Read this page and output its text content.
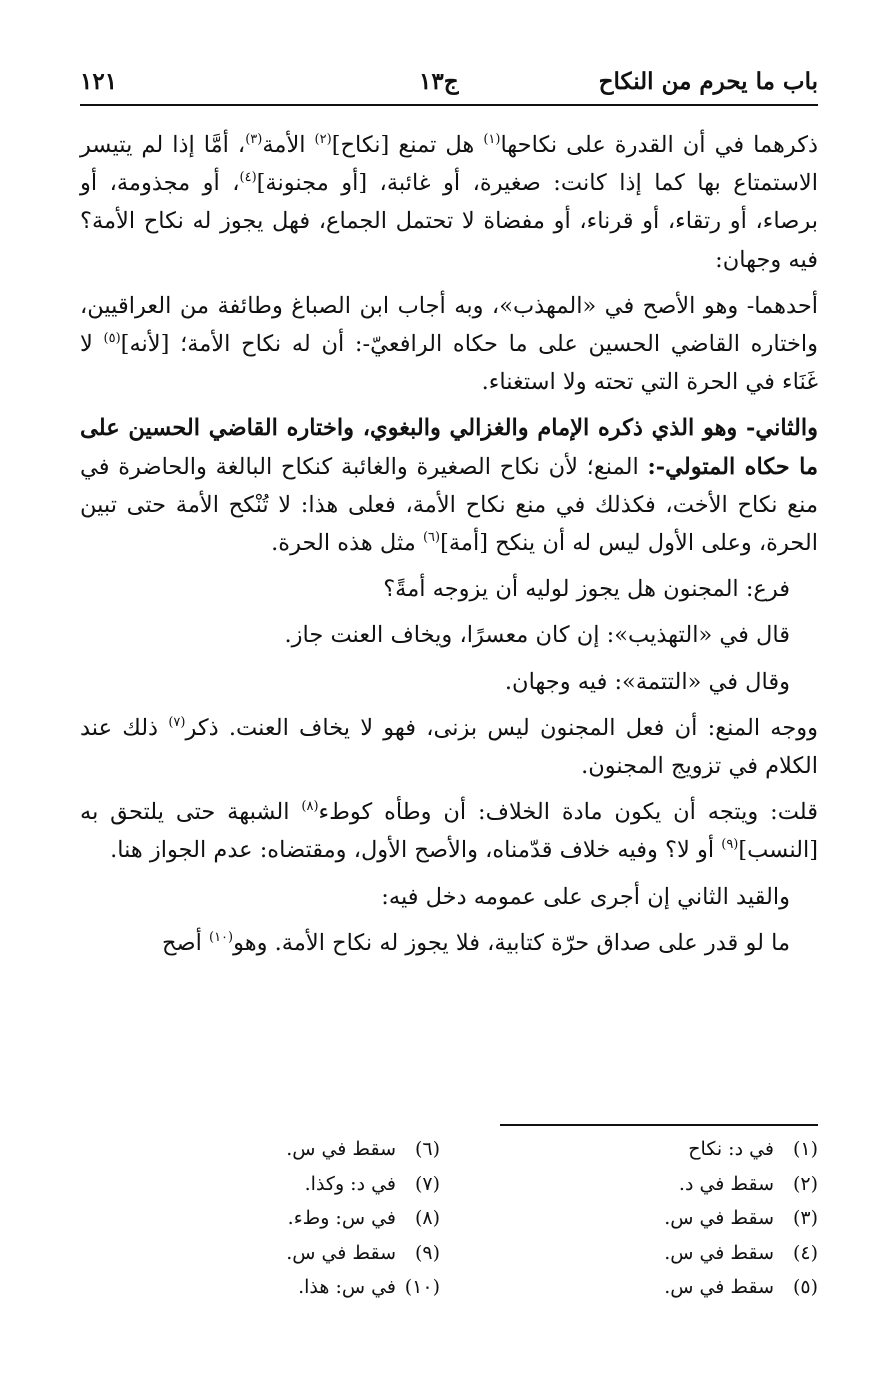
باب ما يحرم من النكاح
ج١٣
١٢١

ذكرهما في أن القدرة على نكاحها$^{(١)}$ هل تمنع [نكاح]$^{(٢)}$ الأمة$^{(٣)}$، أمَّا إذا لم يتيسر الاستمتاع بها كما إذا كانت: صغيرة، أو غائبة، [أو مجنونة]$^{(٤)}$، أو مجذومة، أو برصاء، أو رتقاء، أو قرناء، أو مفضاة لا تحتمل الجماع، فهل يجوز له نكاح الأمة؟ فيه وجهان:

أحدهما- وهو الأصح في «المهذب»، وبه أجاب ابن الصباغ وطائفة من العراقيين، واختاره القاضي الحسين على ما حكاه الرافعيّ-: أن له نكاح الأمة؛ [لأنه]$^{(٥)}$ لا غَنَاء في الحرة التي تحته ولا استغناء.

والثاني- وهو الذي ذكره الإمام والغزالي والبغوي، واختاره القاضي الحسين على ما حكاه المتولي-: المنع؛ لأن نكاح الصغيرة والغائبة كنكاح البالغة والحاضرة في منع نكاح الأخت، فكذلك في منع نكاح الأمة، فعلى هذا: لا تُنْكح الأمة حتى تبين الحرة، وعلى الأول ليس له أن ينكح [أمة]$^{(٦)}$ مثل هذه الحرة.

فرع: المجنون هل يجوز لوليه أن يزوجه أمةً؟

قال في «التهذيب»: إن كان معسرًا، ويخاف العنت جاز.

وقال في «التتمة»: فيه وجهان.

ووجه المنع: أن فعل المجنون ليس بزنى، فهو لا يخاف العنت. ذكر$^{(٧)}$ ذلك عند الكلام في تزويج المجنون.

قلت: ويتجه أن يكون مادة الخلاف: أن وطأه كوطء$^{(٨)}$ الشبهة حتى يلتحق به [النسب]$^{(٩)}$ أو لا؟ وفيه خلاف قدّمناه، والأصح الأول، ومقتضاه: عدم الجواز هنا.

والقيد الثاني إن أجرى على عمومه دخل فيه:

ما لو قدر على صداق حرّة كتابية، فلا يجوز له نكاح الأمة. وهو$^{(١٠)}$ أصح

(١)في د: نكاح
(٢)سقط في د.
(٣)سقط في س.
(٤)سقط في س.
(٥)سقط في س.
(٦)سقط في س.
(٧)في د: وكذا.
(٨)في س: وطء.
(٩)سقط في س.
(١٠)في س: هذا.
